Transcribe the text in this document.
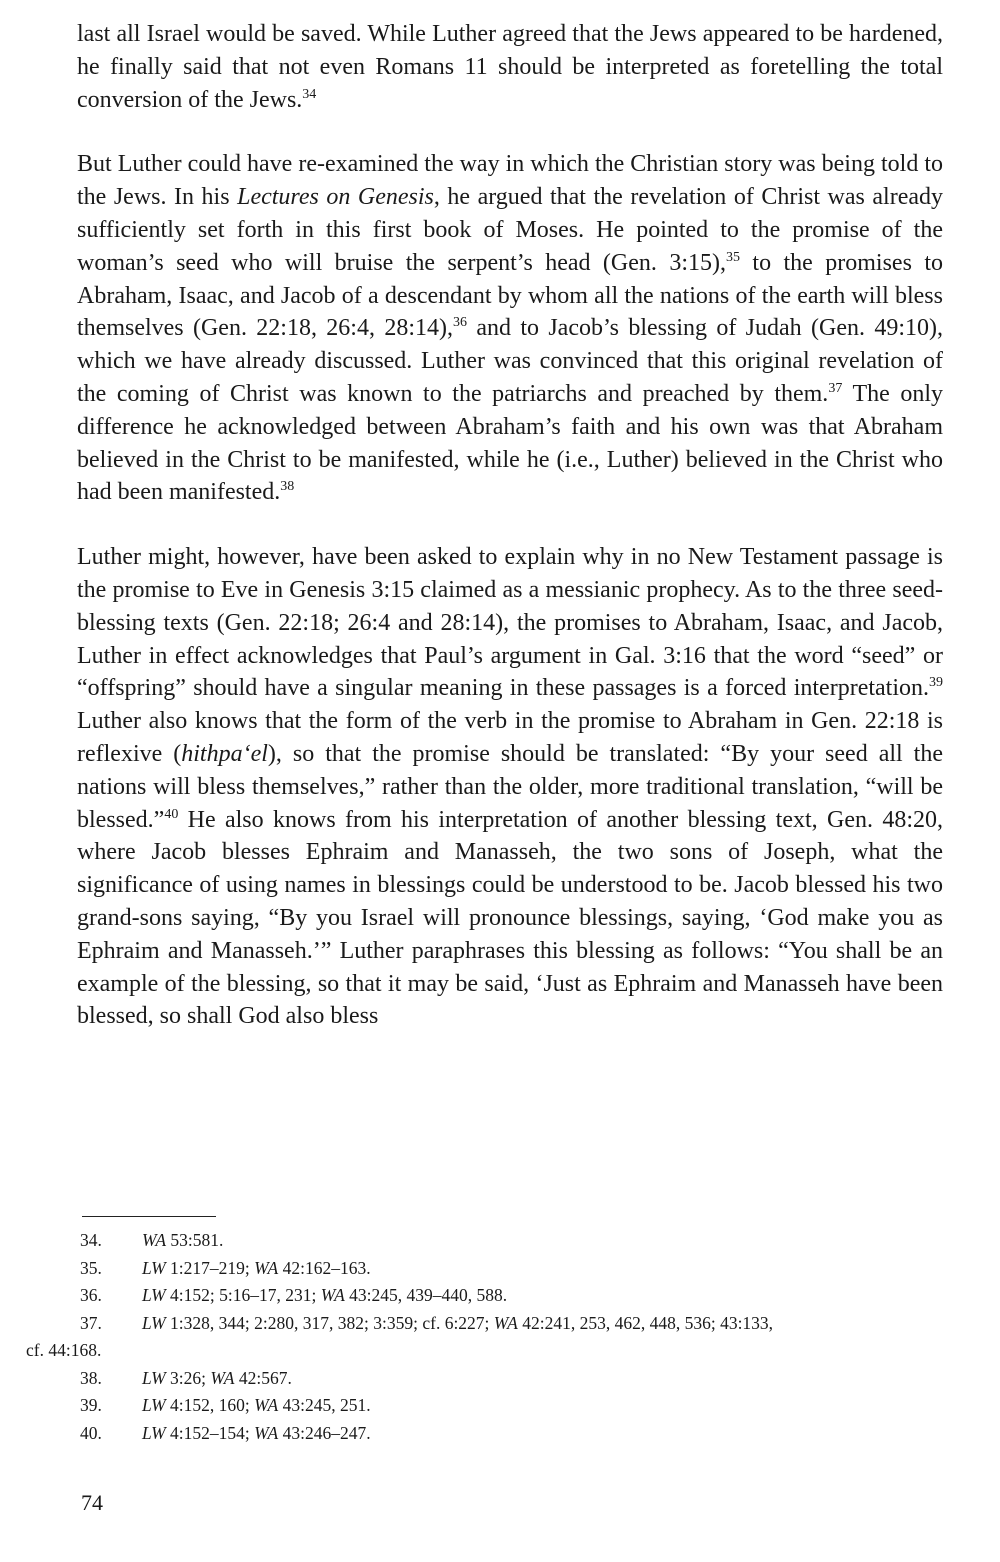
last all Israel would be saved. While Luther agreed that the Jews appeared to be hardened, he finally said that not even Romans 11 should be interpreted as foretelling the total conversion of the Jews.$^{34}$

But Luther could have re-examined the way in which the Christian story was being told to the Jews. In his Lectures on Genesis, he argued that the revelation of Christ was already sufficiently set forth in this first book of Moses. He pointed to the promise of the woman’s seed who will bruise the serpent’s head (Gen. 3:15),$^{35}$ to the promises to Abraham, Isaac, and Jacob of a descendant by whom all the nations of the earth will bless themselves (Gen. 22:18, 26:4, 28:14),$^{36}$ and to Jacob’s blessing of Judah (Gen. 49:10), which we have already discussed. Luther was convinced that this original revelation of the coming of Christ was known to the patriarchs and preached by them.$^{37}$ The only difference he acknowledged between Abraham’s faith and his own was that Abraham believed in the Christ to be manifested, while he (i.e., Luther) believed in the Christ who had been manifested.$^{38}$

Luther might, however, have been asked to explain why in no New Testament passage is the promise to Eve in Genesis 3:15 claimed as a messianic prophecy. As to the three seed-blessing texts (Gen. 22:18; 26:4 and 28:14), the promises to Abraham, Isaac, and Jacob, Luther in effect acknowledges that Paul’s argument in Gal. 3:16 that the word “seed” or “offspring” should have a singular meaning in these passages is a forced interpretation.$^{39}$ Luther also knows that the form of the verb in the promise to Abraham in Gen. 22:18 is reflexive (hithpa‘el), so that the promise should be translated: “By your seed all the nations will bless themselves,” rather than the older, more traditional translation, “will be blessed.”$^{40}$ He also knows from his interpretation of another blessing text, Gen. 48:20, where Jacob blesses Ephraim and Manasseh, the two sons of Joseph, what the significance of using names in blessings could be understood to be. Jacob blessed his two grand-sons saying, “By you Israel will pronounce blessings, saying, ‘God make you as Ephraim and Manasseh.’” Luther paraphrases this blessing as follows: “You shall be an example of the blessing, so that it may be said, ‘Just as Ephraim and Manasseh have been blessed, so shall God also bless

34. WA 53:581.

35. LW 1:217–219; WA 42:162–163.

36. LW 4:152; 5:16–17, 231; WA 43:245, 439–440, 588.

37. LW 1:328, 344; 2:280, 317, 382; 3:359; cf. 6:227; WA 42:241, 253, 462, 448, 536; 43:133,
cf. 44:168.

38. LW 3:26; WA 42:567.

39. LW 4:152, 160; WA 43:245, 251.

40. LW 4:152–154; WA 43:246–247.

74
